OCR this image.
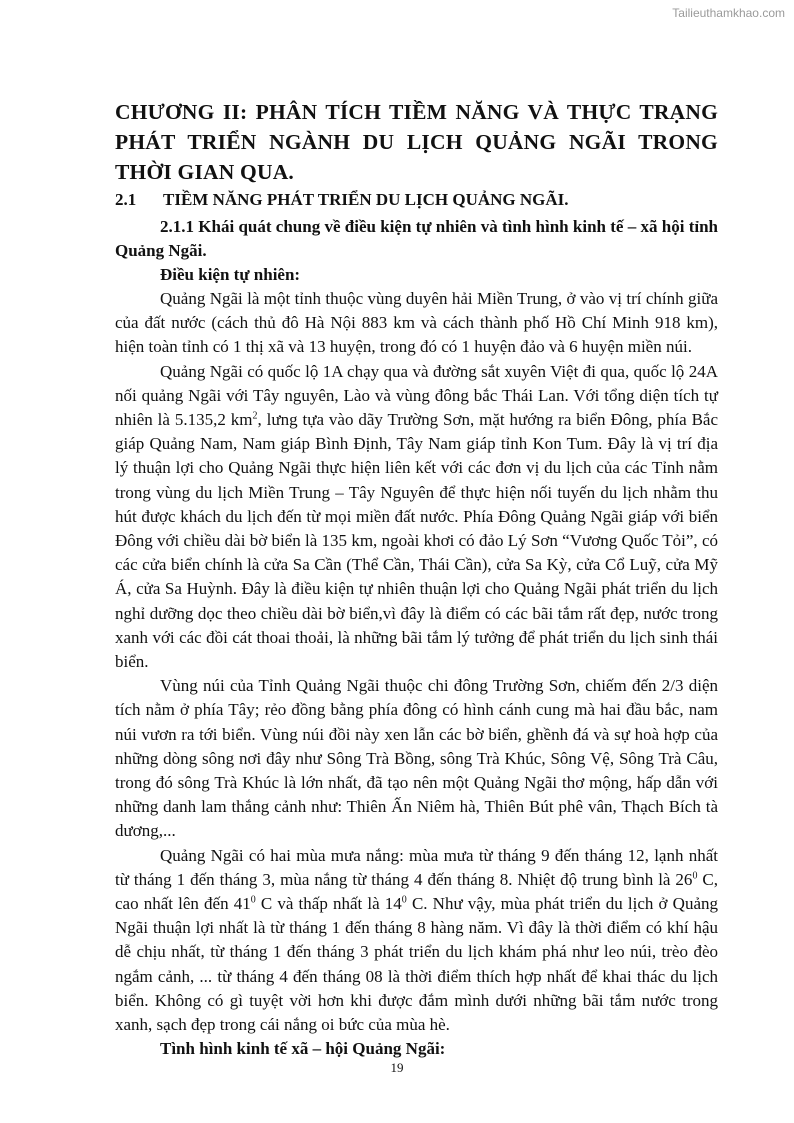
Tailieuthamkhao.com
CHƯƠNG II: PHÂN TÍCH TIỀM NĂNG VÀ THỰC TRẠNG PHÁT TRIỂN NGÀNH DU LỊCH QUẢNG NGÃI TRONG THỜI GIAN QUA.
2.1 TIỀM NĂNG PHÁT TRIỂN DU LỊCH QUẢNG NGÃI.

2.1.1 Khái quát chung về điều kiện tự nhiên và tình hình kinh tế – xã hội tỉnh Quảng Ngãi.

Điều kiện tự nhiên:

Quảng Ngãi là một tỉnh thuộc vùng duyên hải Miền Trung, ở vào vị trí chính giữa của đất nước (cách thủ đô Hà Nội 883 km và cách thành phố Hồ Chí Minh 918 km), hiện toàn tỉnh có 1 thị xã và 13 huyện, trong đó có 1 huyện đảo và 6 huyện miền núi.

Quảng Ngãi có quốc lộ 1A chạy qua và đường sắt xuyên Việt đi qua, quốc lộ 24A nối quảng Ngãi với Tây nguyên, Lào và vùng đông bắc Thái Lan. Với tổng diện tích tự nhiên là 5.135,2 $km^2$, lưng tựa vào dãy Trường Sơn, mặt hướng ra biển Đông, phía Bắc giáp Quảng Nam, Nam giáp Bình Định, Tây Nam giáp tỉnh Kon Tum. Đây là vị trí địa lý thuận lợi cho Quảng Ngãi thực hiện liên kết với các đơn vị du lịch của các Tỉnh nằm trong vùng du lịch Miền Trung – Tây Nguyên để thực hiện nối tuyến du lịch nhằm thu hút được khách du lịch đến từ mọi miền đất nước. Phía Đông Quảng Ngãi giáp với biển Đông với chiều dài bờ biển là 135 km, ngoài khơi có đảo Lý Sơn “Vương Quốc Tỏi”, có các cửa biển chính là cửa Sa Cần (Thể Cần, Thái Cần), cửa Sa Kỳ, cửa Cổ Luỹ, cửa Mỹ Á, cửa Sa Huỳnh. Đây là điều kiện tự nhiên thuận lợi cho Quảng Ngãi phát triển du lịch nghỉ dưỡng dọc theo chiều dài bờ biển,vì đây là điểm có các bãi tắm rất đẹp, nước trong xanh với các đồi cát thoai thoải, là những bãi tắm lý tưởng để phát triển du lịch sinh thái biển.

Vùng núi của Tỉnh Quảng Ngãi thuộc chi đông Trường Sơn, chiếm đến 2/3 diện tích nằm ở phía Tây; rẻo đồng bằng phía đông có hình cánh cung mà hai đầu bắc, nam núi vươn ra tới biển. Vùng núi đồi này xen lẫn các bờ biển, ghềnh đá và sự hoà hợp của những dòng sông nơi đây như Sông Trà Bồng, sông Trà Khúc, Sông Vệ, Sông Trà Câu, trong đó sông Trà Khúc là lớn nhất, đã tạo nên một Quảng Ngãi thơ mộng, hấp dẫn với những danh lam thắng cảnh như: Thiên Ấn Niêm hà, Thiên Bút phê vân, Thạch Bích tà dương,...

Quảng Ngãi có hai mùa mưa nắng: mùa mưa từ tháng 9 đến tháng 12, lạnh nhất từ tháng 1 đến tháng 3, mùa nắng từ tháng 4 đến tháng 8. Nhiệt độ trung bình là $26^0$ C, cao nhất lên đến $41^0$ C và thấp nhất là $14^0$ C. Như vậy, mùa phát triển du lịch ở Quảng Ngãi thuận lợi nhất là từ tháng 1 đến tháng 8 hàng năm. Vì đây là thời điểm có khí hậu dễ chịu nhất, từ tháng 1 đến tháng 3 phát triển du lịch khám phá như leo núi, trèo đèo ngắm cảnh, ... từ tháng 4 đến tháng 08 là thời điểm thích hợp nhất để khai thác du lịch biển. Không có gì tuyệt vời hơn khi được đắm mình dưới những bãi tắm nước trong xanh, sạch đẹp trong cái nắng oi bức của mùa hè.

Tình hình kinh tế xã – hội Quảng Ngãi:

19
